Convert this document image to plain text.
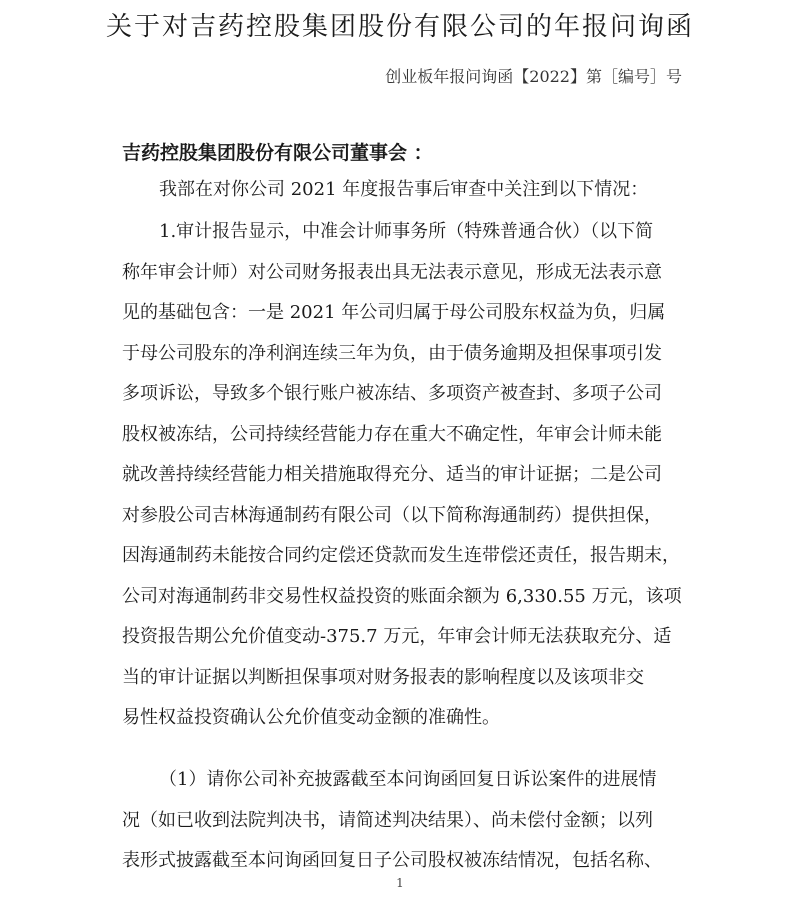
关于对吉药控股集团股份有限公司的年报问询函
创业板年报问询函【2022】第［编号］号
吉药控股集团股份有限公司董事会 ：
我部在对你公司 2021 年度报告事后审查中关注到以下情况：
1.审计报告显示，中准会计师事务所（特殊普通合伙）（以下简
称年审会计师）对公司财务报表出具无法表示意见，形成无法表示意
见的基础包含：一是 2021 年公司归属于母公司股东权益为负，归属
于母公司股东的净利润连续三年为负，由于债务逾期及担保事项引发
多项诉讼，导致多个银行账户被冻结、多项资产被查封、多项子公司
股权被冻结，公司持续经营能力存在重大不确定性，年审会计师未能
就改善持续经营能力相关措施取得充分、适当的审计证据；二是公司
对参股公司吉林海通制药有限公司（以下简称海通制药）提供担保，
因海通制药未能按合同约定偿还贷款而发生连带偿还责任，报告期末，
公司对海通制药非交易性权益投资的账面余额为 6,330.55 万元，该项
投资报告期公允价值变动-375.7 万元，年审会计师无法获取充分、适
当的审计证据以判断担保事项对财务报表的影响程度以及该项非交
易性权益投资确认公允价值变动金额的准确性。
（1）请你公司补充披露截至本问询函回复日诉讼案件的进展情
况（如已收到法院判决书，请简述判决结果）、尚未偿付金额；以列
表形式披露截至本问询函回复日子公司股权被冻结情况，包括名称、
1
